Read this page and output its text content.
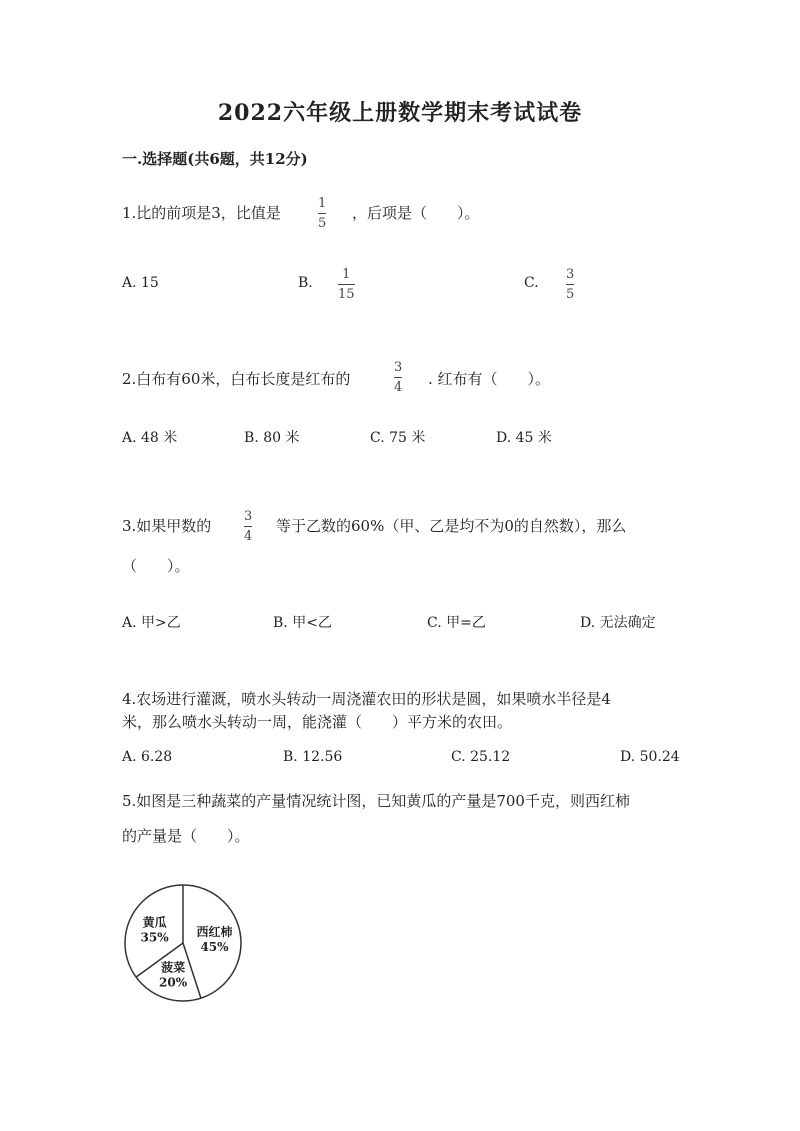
2022六年级上册数学期末考试试卷
一.选择题(共6题，共12分)
1.比的前项是3，比值是	$\frac{1}{5}$ ，后项是（　　）。
A. 15	B. $\frac{1}{15}$	C. $\frac{3}{5}$
2.白布有60米，白布长度是红布的	$\frac{3}{4}$ . 红布有（　　）。
A. 48 米	B. 80 米	C. 75 米	D. 45 米
3.如果甲数的 $\frac{3}{4}$ 等于乙数的60%（甲、乙是均不为0的自然数），那么
（　　）。
A. 甲>乙	B. 甲<乙	C. 甲=乙	D. 无法确定
4.农场进行灌溉，喷水头转动一周浇灌农田的形状是圆，如果喷水半径是4
米，那么喷水头转动一周，能浇灌（　　）平方米的农田。
A. 6.28	B. 12.56	C. 25.12	D. 50.24
5.如图是三种蔬菜的产量情况统计图，已知黄瓜的产量是700千克，则西红柿
的产量是（　　）。
西红柿
45%
菠菜
20%
黄瓜
35%
